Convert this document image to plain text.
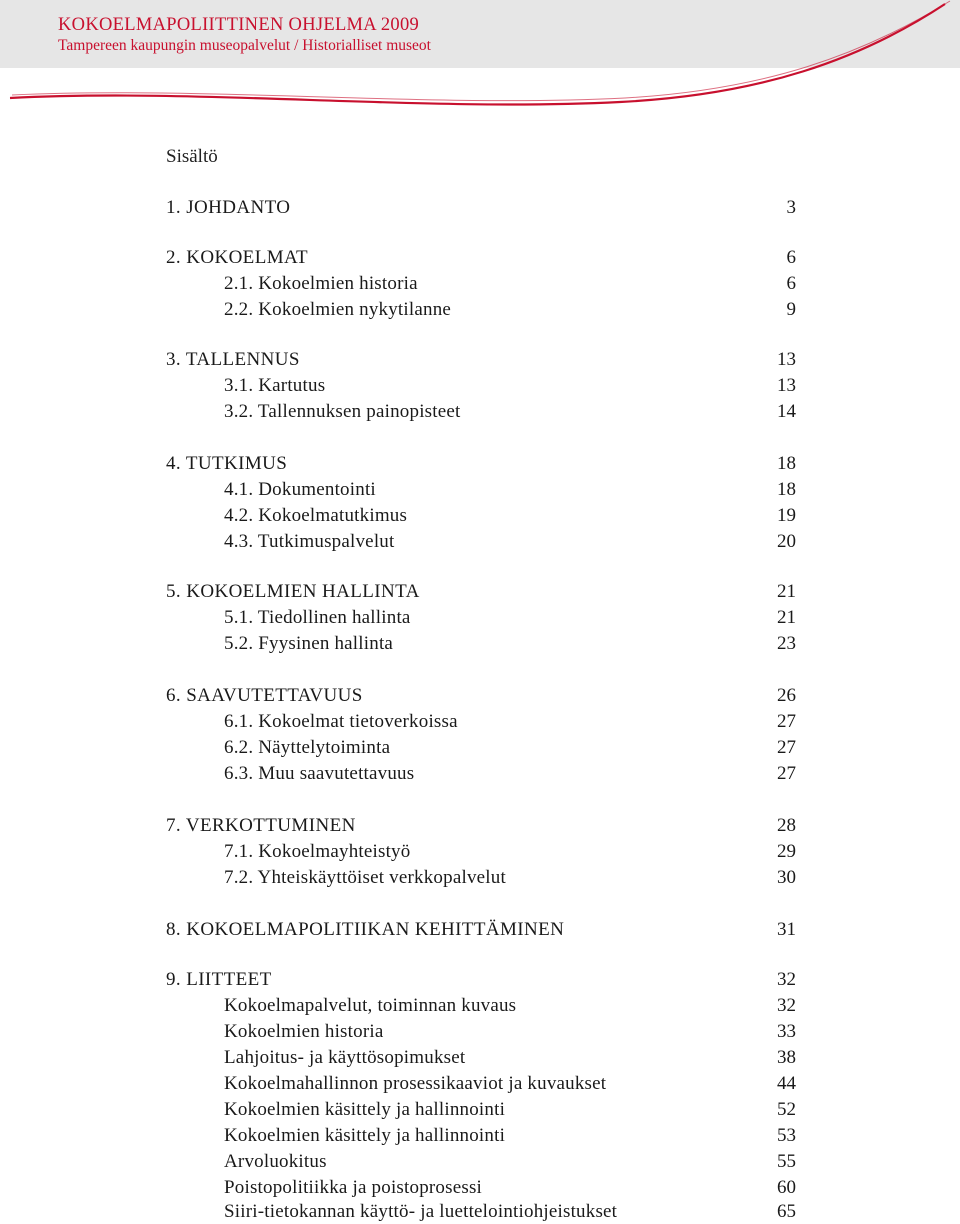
KOKOELMAPOLIITTINEN OHJELMA 2009
Tampereen kaupungin museopalvelut / Historialliset museot
Sisältö
1. JOHDANTO	3
2. KOKOELMAT	6
2.1. Kokoelmien historia	6
2.2. Kokoelmien nykytilanne	9
3. TALLENNUS	13
3.1. Kartutus	13
3.2. Tallennuksen painopisteet	14
4. TUTKIMUS	18
4.1. Dokumentointi	18
4.2. Kokoelmatutkimus	19
4.3. Tutkimuspalvelut	20
5. KOKOELMIEN HALLINTA	21
5.1. Tiedollinen hallinta	21
5.2. Fyysinen hallinta	23
6. SAAVUTETTAVUUS	26
6.1. Kokoelmat tietoverkoissa	27
6.2. Näyttelytoiminta	27
6.3. Muu saavutettavuus	27
7. VERKOTTUMINEN	28
7.1. Kokoelmayhteistyö	29
7.2. Yhteiskäyttöiset verkkopalvelut	30
8. KOKOELMAPOLITIIKAN KEHITTÄMINEN	31
9. LIITTEET	32
Kokoelmapalvelut, toiminnan kuvaus	32
Kokoelmien historia	33
Lahjoitus- ja käyttösopimukset	38
Kokoelmahallinnon prosessikaaviot ja kuvaukset	44
Kokoelmien käsittely ja hallinnointi	52
Kokoelmien käsittely ja hallinnointi	53
Arvoluokitus	55
Poistopolitiikka ja poistoprosessi	60
Siiri-tietokannan käyttö- ja luettelointiohjeistukset	65
